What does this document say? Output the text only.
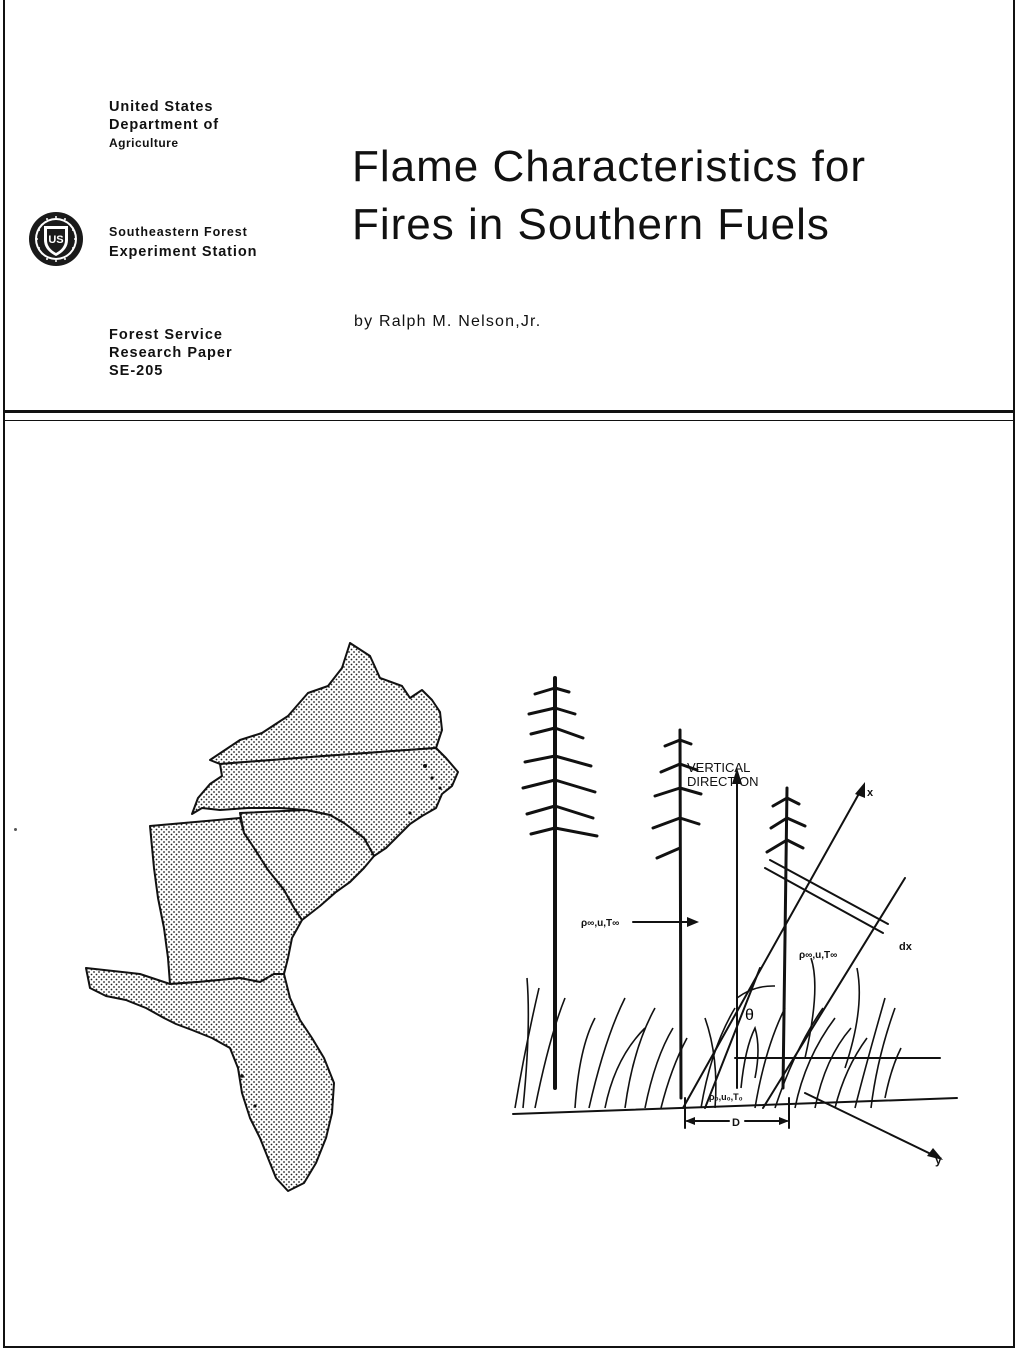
United States
Department of
Agriculture
US
Southeastern Forest
Experiment Station
Forest Service
Research Paper
SE-205
Flame Characteristics for
Fires in Southern Fuels
by Ralph M. Nelson,Jr.
θ
VERTICAL
DIRECTION
x
y
dx
D
ρ∞,u,T∞
ρ∞,u,T∞
ρ₀,u₀,T₀
